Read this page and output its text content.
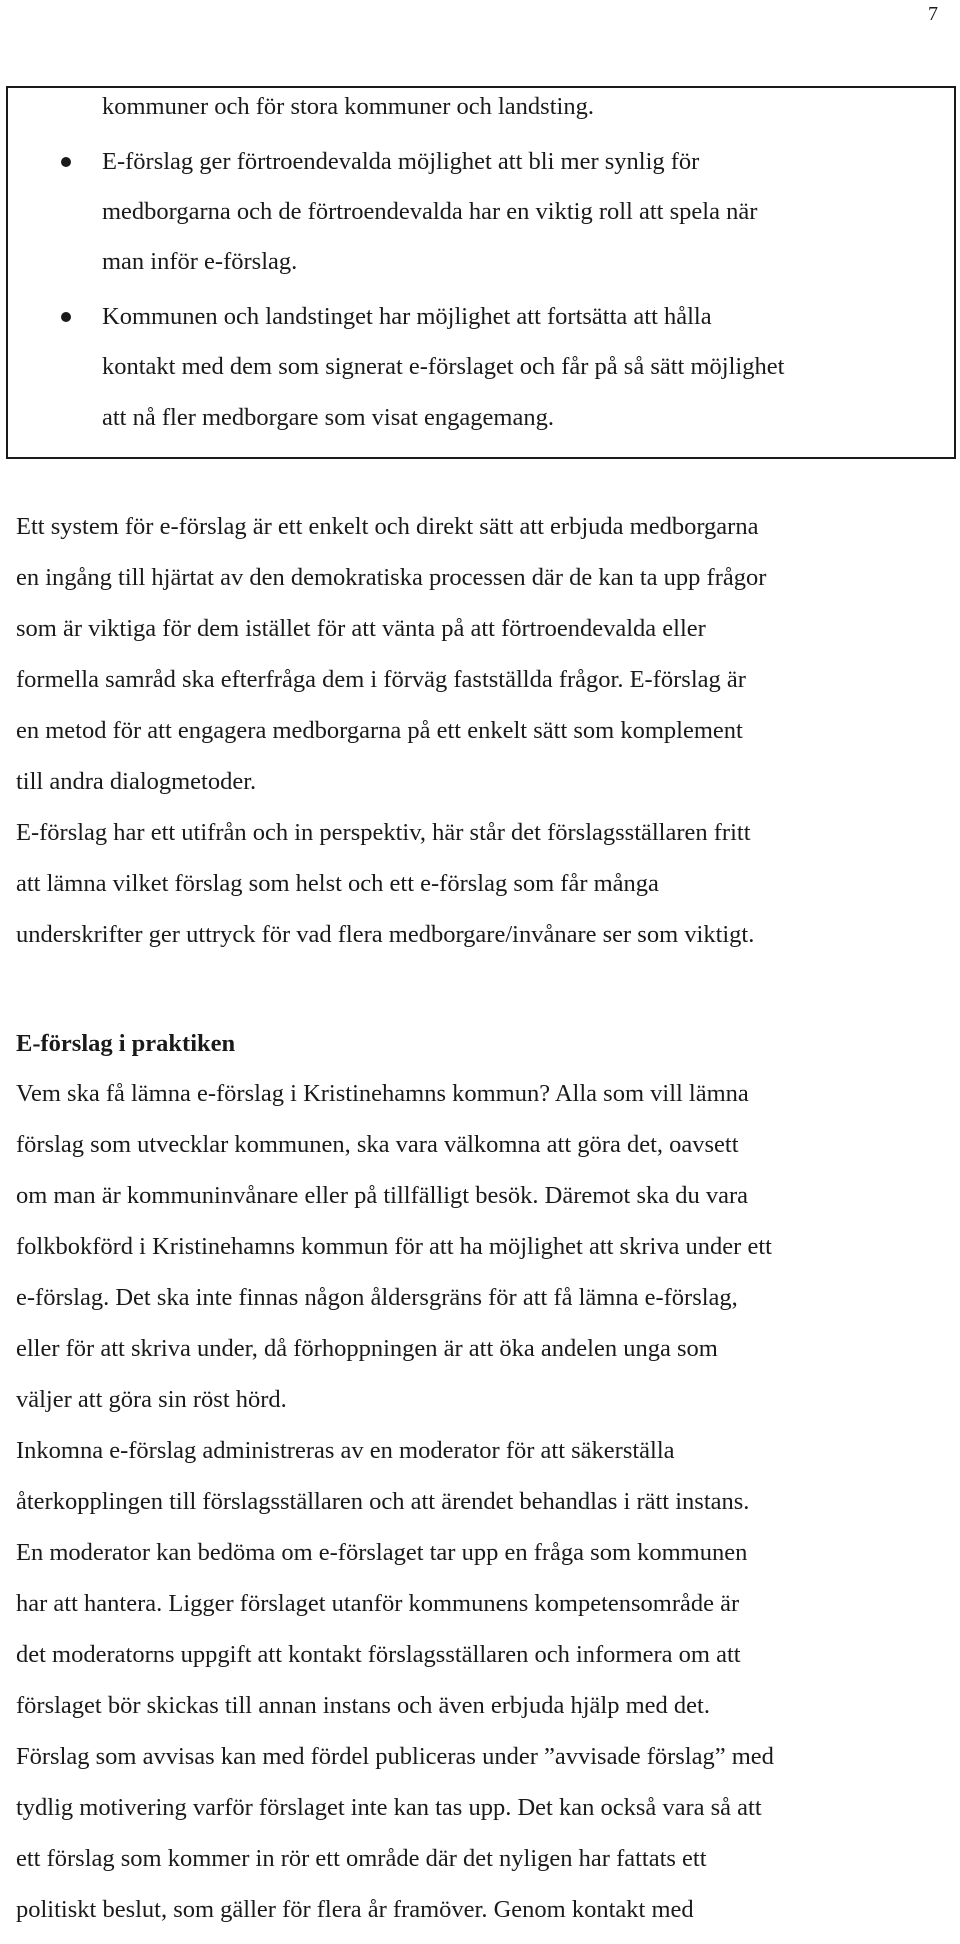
7
kommuner och för stora kommuner och landsting.
E-förslag ger förtroendevalda möjlighet att bli mer synlig för
medborgarna och de förtroendevalda har en viktig roll att spela när
man inför e-förslag.
Kommunen och landstinget har möjlighet att fortsätta att hålla
kontakt med dem som signerat e-förslaget och får på så sätt möjlighet
att nå fler medborgare som visat engagemang.
Ett system för e-förslag är ett enkelt och direkt sätt att erbjuda medborgarna
en ingång till hjärtat av den demokratiska processen där de kan ta upp frågor
som är viktiga för dem istället för att vänta på att förtroendevalda eller
formella samråd ska efterfråga dem i förväg fastställda frågor. E-förslag är
en metod för att engagera medborgarna på ett enkelt sätt som komplement
till andra dialogmetoder.
E-förslag har ett utifrån och in perspektiv, här står det förslagsställaren fritt
att lämna vilket förslag som helst och ett e-förslag som får många
underskrifter ger uttryck för vad flera medborgare/invånare ser som viktigt.
E-förslag i praktiken
Vem ska få lämna e-förslag i Kristinehamns kommun? Alla som vill lämna
förslag som utvecklar kommunen, ska vara välkomna att göra det, oavsett
om man är kommuninvånare eller på tillfälligt besök. Däremot ska du vara
folkbokförd i Kristinehamns kommun för att ha möjlighet att skriva under ett
e-förslag. Det ska inte finnas någon åldersgräns för att få lämna e-förslag,
eller för att skriva under, då förhoppningen är att öka andelen unga som
väljer att göra sin röst hörd.
Inkomna e-förslag administreras av en moderator för att säkerställa
återkopplingen till förslagsställaren och att ärendet behandlas i rätt instans.
En moderator kan bedöma om e-förslaget tar upp en fråga som kommunen
har att hantera. Ligger förslaget utanför kommunens kompetensområde är
det moderatorns uppgift att kontakt förslagsställaren och informera om att
förslaget bör skickas till annan instans och även erbjuda hjälp med det.
Förslag som avvisas kan med fördel publiceras under ”avvisade förslag” med
tydlig motivering varför förslaget inte kan tas upp. Det kan också vara så att
ett förslag som kommer in rör ett område där det nyligen har fattats ett
politiskt beslut, som gäller för flera år framöver. Genom kontakt med
